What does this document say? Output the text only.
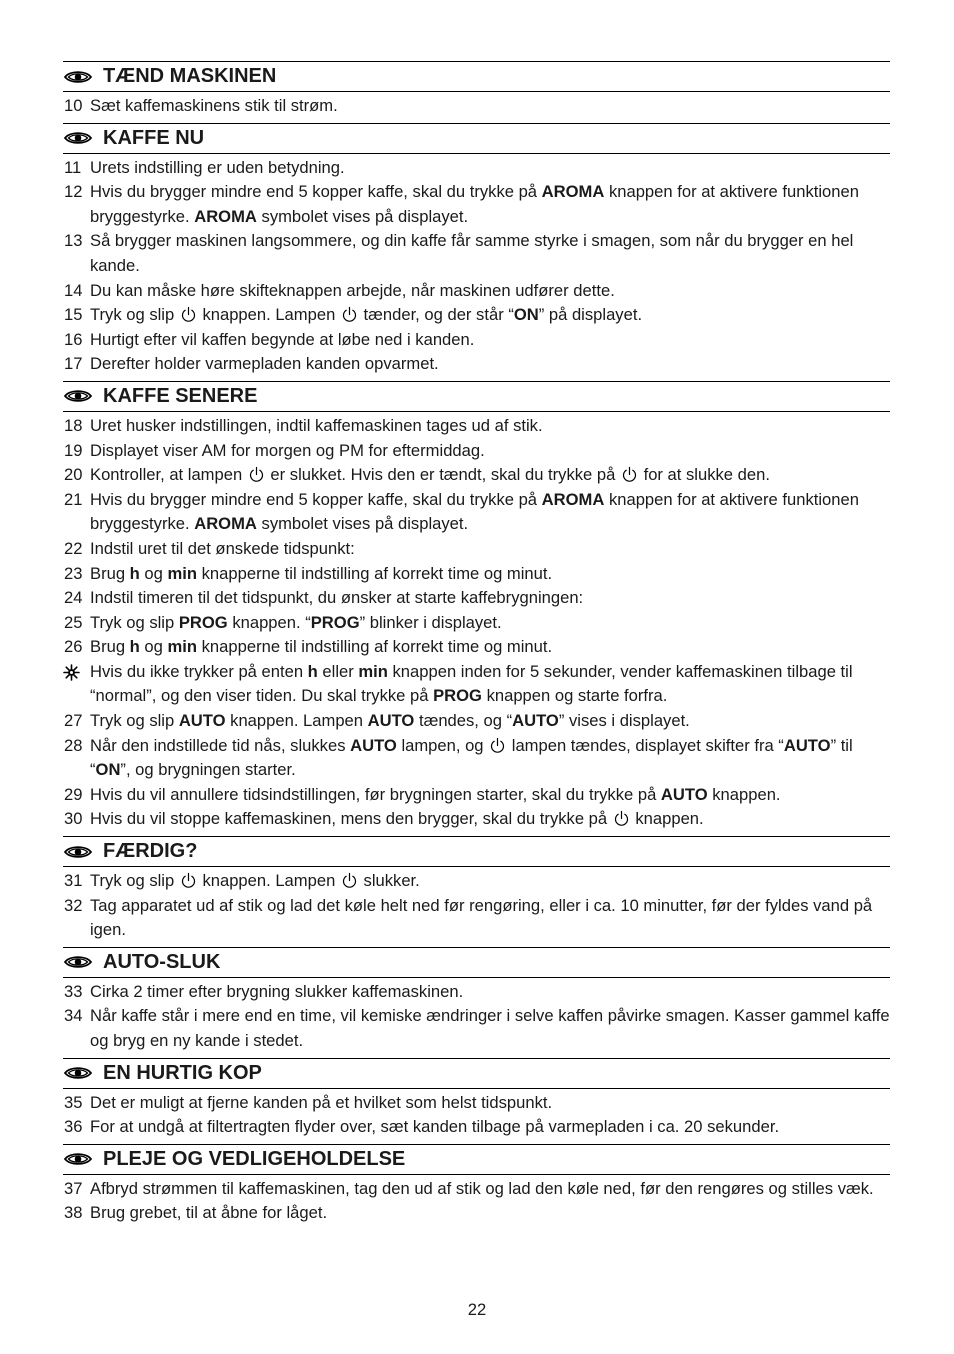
TÆND MASKINEN
10 Sæt kaffemaskinens stik til strøm.
KAFFE NU
11 Urets indstilling er uden betydning.
12 Hvis du brygger mindre end 5 kopper kaffe, skal du trykke på AROMA knappen for at aktivere funktionen bryggestyrke. AROMA symbolet vises på displayet.
13 Så brygger maskinen langsommere, og din kaffe får samme styrke i smagen, som når du brygger en hel kande.
14 Du kan måske høre skifteknappen arbejde, når maskinen udfører dette.
15 Tryk og slip
knappen. Lampen
tænder, og der står “ON” på displayet.
16 Hurtigt efter vil kaffen begynde at løbe ned i kanden.
17 Derefter holder varmepladen kanden opvarmet.
KAFFE SENERE
18 Uret husker indstillingen, indtil kaffemaskinen tages ud af stik.
19 Displayet viser AM for morgen og PM for eftermiddag.
20 Kontroller, at lampen
er slukket. Hvis den er tændt, skal du trykke på
for at slukke den.
21 Hvis du brygger mindre end 5 kopper kaffe, skal du trykke på AROMA knappen for at aktivere funktionen bryggestyrke. AROMA symbolet vises på displayet.
22 Indstil uret til det ønskede tidspunkt:
23 Brug h og min knapperne til indstilling af korrekt time og minut.
24 Indstil timeren til det tidspunkt, du ønsker at starte kaffebrygningen:
25 Tryk og slip PROG knappen. “PROG” blinker i displayet.
26 Brug h og min knapperne til indstilling af korrekt time og minut.
Hvis du ikke trykker på enten h eller min knappen inden for 5 sekunder, vender kaffemaskinen tilbage til “normal”, og den viser tiden. Du skal trykke på PROG knappen og starte forfra.
27 Tryk og slip AUTO knappen. Lampen AUTO tændes, og “AUTO” vises i displayet.
28 Når den indstillede tid nås, slukkes AUTO lampen, og
lampen tændes, displayet skifter fra “AUTO” til “ON”, og brygningen starter.
29 Hvis du vil annullere tidsindstillingen, før brygningen starter, skal du trykke på AUTO knappen.
30 Hvis du vil stoppe kaffemaskinen, mens den brygger, skal du trykke på
knappen.
FÆRDIG?
31 Tryk og slip
knappen. Lampen
slukker.
32 Tag apparatet ud af stik og lad det køle helt ned før rengøring, eller i ca. 10 minutter, før der fyldes vand på igen.
AUTO-SLUK
33 Cirka 2 timer efter brygning slukker kaffemaskinen.
34 Når kaffe står i mere end en time, vil kemiske ændringer i selve kaffen påvirke smagen. Kasser gammel kaffe og bryg en ny kande i stedet.
EN HURTIG KOP
35 Det er muligt at fjerne kanden på et hvilket som helst tidspunkt.
36 For at undgå at filtertragten flyder over, sæt kanden tilbage på varmepladen i ca. 20 sekunder.
PLEJE OG VEDLIGEHOLDELSE
37 Afbryd strømmen til kaffemaskinen, tag den ud af stik og lad den køle ned, før den rengøres og stilles væk.
38 Brug grebet, til at åbne for låget.
22
